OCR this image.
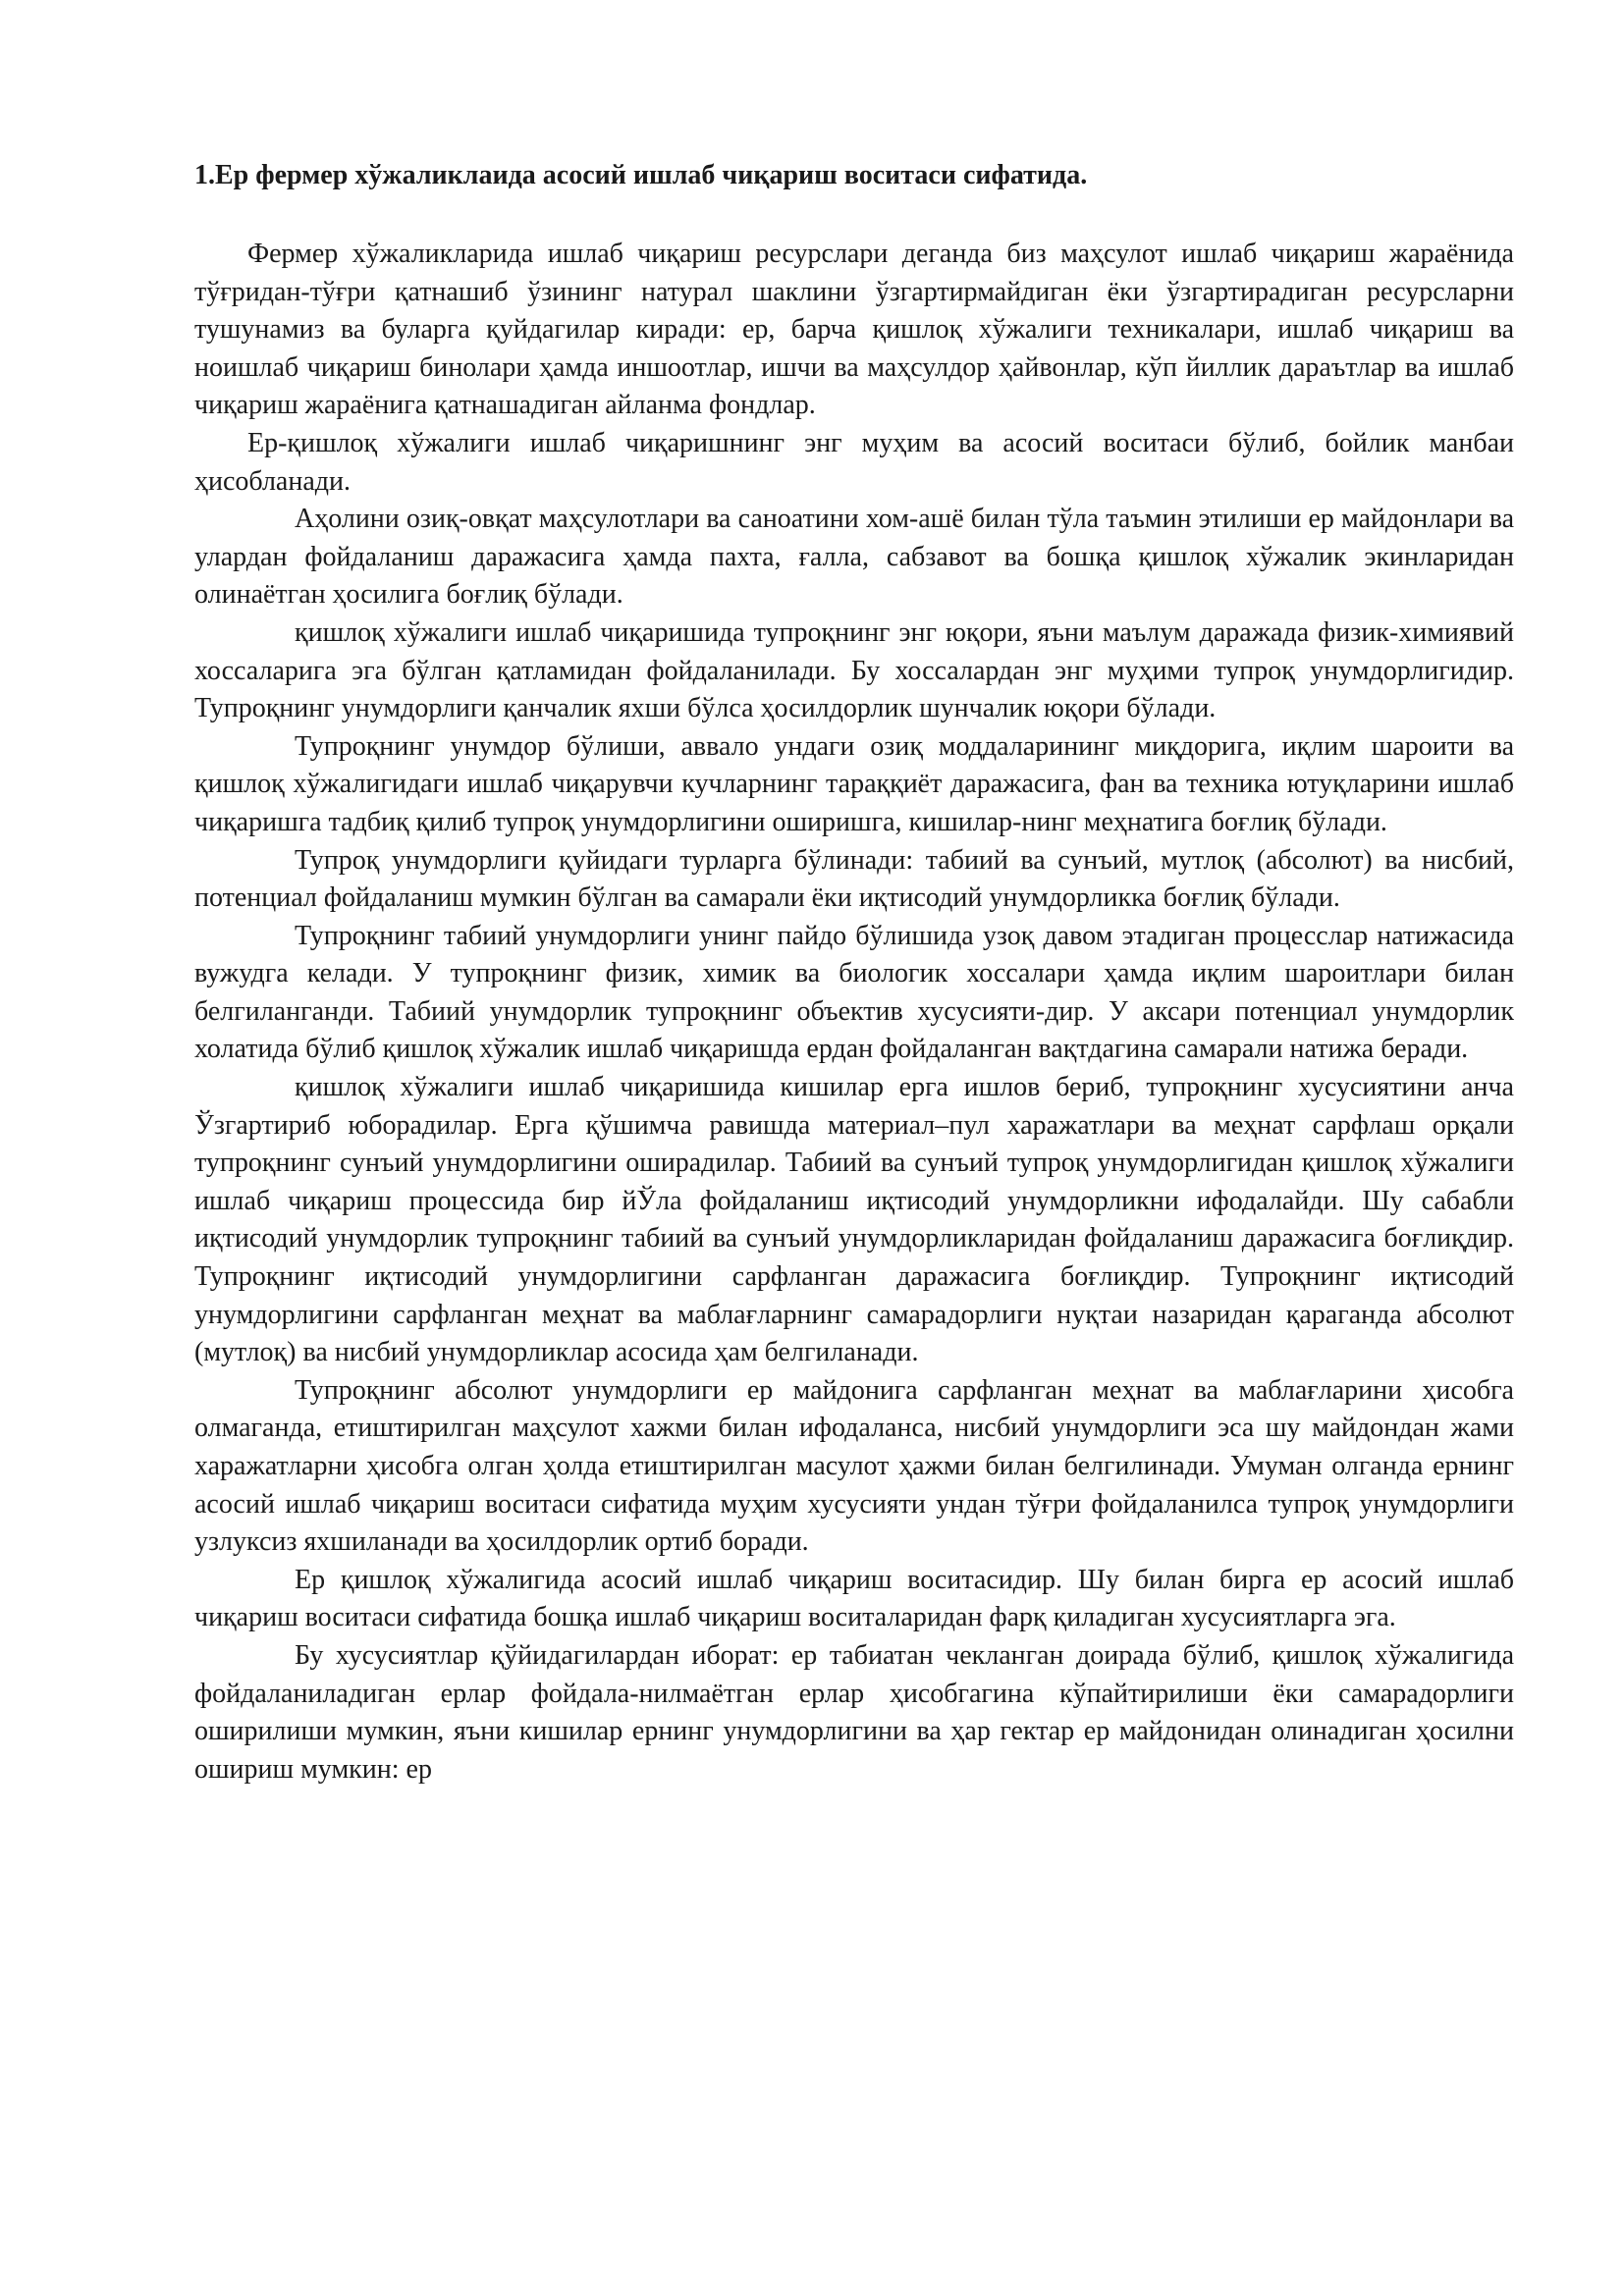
1.Ер фермер хўжаликлаида асосий ишлаб чиқариш воситаси сифатида.

Фермер хўжаликларида ишлаб чиқариш ресурслари деганда биз маҳсулот ишлаб чиқариш жараёнида тўғридан-тўғри қатнашиб ўзининг натурал шаклини ўзгартирмайдиган ёки ўзгартирадиган ресурсларни тушунамиз ва буларга қуйдагилар киради: ер, барча қишлоқ хўжалиги техникалари, ишлаб чиқариш ва ноишлаб чиқариш бинолари ҳамда иншоотлар, ишчи ва маҳсулдор ҳайвонлар, кўп йиллик дараътлар ва ишлаб чиқариш жараёнига қатнашадиган айланма фондлар.

Ер-қишлоқ хўжалиги ишлаб чиқаришнинг энг муҳим ва асосий воситаси бўлиб, бойлик манбаи ҳисобланади.

Аҳолини озиқ-овқат маҳсулотлари ва саноатини хом-ашё билан тўла таъмин этилиши ер майдонлари ва улардан фойдаланиш даражасига ҳамда пахта, ғалла, сабзавот ва бошқа қишлоқ хўжалик экинларидан олинаётган ҳосилига боғлиқ бўлади.

қишлоқ хўжалиги ишлаб чиқаришида тупроқнинг энг юқори, яъни маълум даражада физик-химиявий хоссаларига эга бўлган қатламидан фойдаланилади. Бу хоссалардан энг муҳими тупроқ унумдорлигидир. Тупроқнинг унумдорлиги қанчалик яхши бўлса ҳосилдорлик шунчалик юқори бўлади.

Тупроқнинг унумдор бўлиши, аввало ундаги озиқ моддаларининг миқдорига, иқлим шароити ва қишлоқ хўжалигидаги ишлаб чиқарувчи кучларнинг тараққиёт даражасига, фан ва техника ютуқларини ишлаб чиқаришга тадбиқ қилиб тупроқ унумдорлигини оширишга, кишилар-нинг меҳнатига боғлиқ бўлади.

Тупроқ унумдорлиги қуйидаги турларга бўлинади: табиий ва сунъий, мутлоқ (абсолют) ва нисбий, потенциал фойдаланиш мумкин бўлган ва самарали ёки иқтисодий унумдорликка боғлиқ бўлади.

Тупроқнинг табиий унумдорлиги унинг пайдо бўлишида узоқ давом этадиган процесслар натижасида вужудга келади. У тупроқнинг физик, химик ва биологик хоссалари ҳамда иқлим шароитлари билан белгиланганди. Табиий унумдорлик тупроқнинг объектив хусусияти-дир. У аксари потенциал унумдорлик холатида бўлиб қишлоқ хўжалик ишлаб чиқаришда ердан фойдаланган вақтдагина самарали натижа беради.

қишлоқ хўжалиги ишлаб чиқаришида кишилар ерга ишлов бериб, тупроқнинг хусусиятини анча Ўзгартириб юборадилар. Ерга қўшимча равишда материал–пул харажатлари ва меҳнат сарфлаш орқали тупроқнинг сунъий унумдорлигини оширадилар. Табиий ва сунъий тупроқ унумдорлигидан қишлоқ хўжалиги ишлаб чиқариш процессида бир йЎла фойдаланиш иқтисодий унумдорликни ифодалайди. Шу сабабли иқтисодий унумдорлик тупроқнинг табиий ва сунъий унумдорликларидан фойдаланиш даражасига боғлиқдир. Тупроқнинг иқтисодий унумдорлигини сарфланган даражасига боғлиқдир. Тупроқнинг иқтисодий унумдорлигини сарфланган меҳнат ва маблағларнинг самарадорлиги нуқтаи назаридан қараганда абсолют (мутлоқ) ва нисбий унумдорликлар асосида ҳам белгиланади.

Тупроқнинг абсолют унумдорлиги ер майдонига сарфланган меҳнат ва маблағларини ҳисобга олмаганда, етиштирилган маҳсулот хажми билан ифодаланса, нисбий унумдорлиги эса шу майдондан жами харажатларни ҳисобга олган ҳолда етиштирилган масулот ҳажми билан белгилинади. Умуман олганда ернинг асосий ишлаб чиқариш воситаси сифатида муҳим хусусияти ундан тўғри фойдаланилса тупроқ унумдорлиги узлуксиз яхшиланади ва ҳосилдорлик ортиб боради.

Ер қишлоқ хўжалигида асосий ишлаб чиқариш воситасидир. Шу билан бирга ер асосий ишлаб чиқариш воситаси сифатида бошқа ишлаб чиқариш воситаларидан фарқ қиладиган хусусиятларга эга.

Бу хусусиятлар қўйидагилардан иборат: ер табиатан чекланган доирада бўлиб, қишлоқ хўжалигида фойдаланиладиган ерлар фойдала-нилмаётган ерлар ҳисобгагина кўпайтирилиши ёки самарадорлиги оширилиши мумкин, яъни кишилар ернинг унумдорлигини ва ҳар гектар ер майдонидан олинадиган ҳосилни ошириш мумкин: ер
